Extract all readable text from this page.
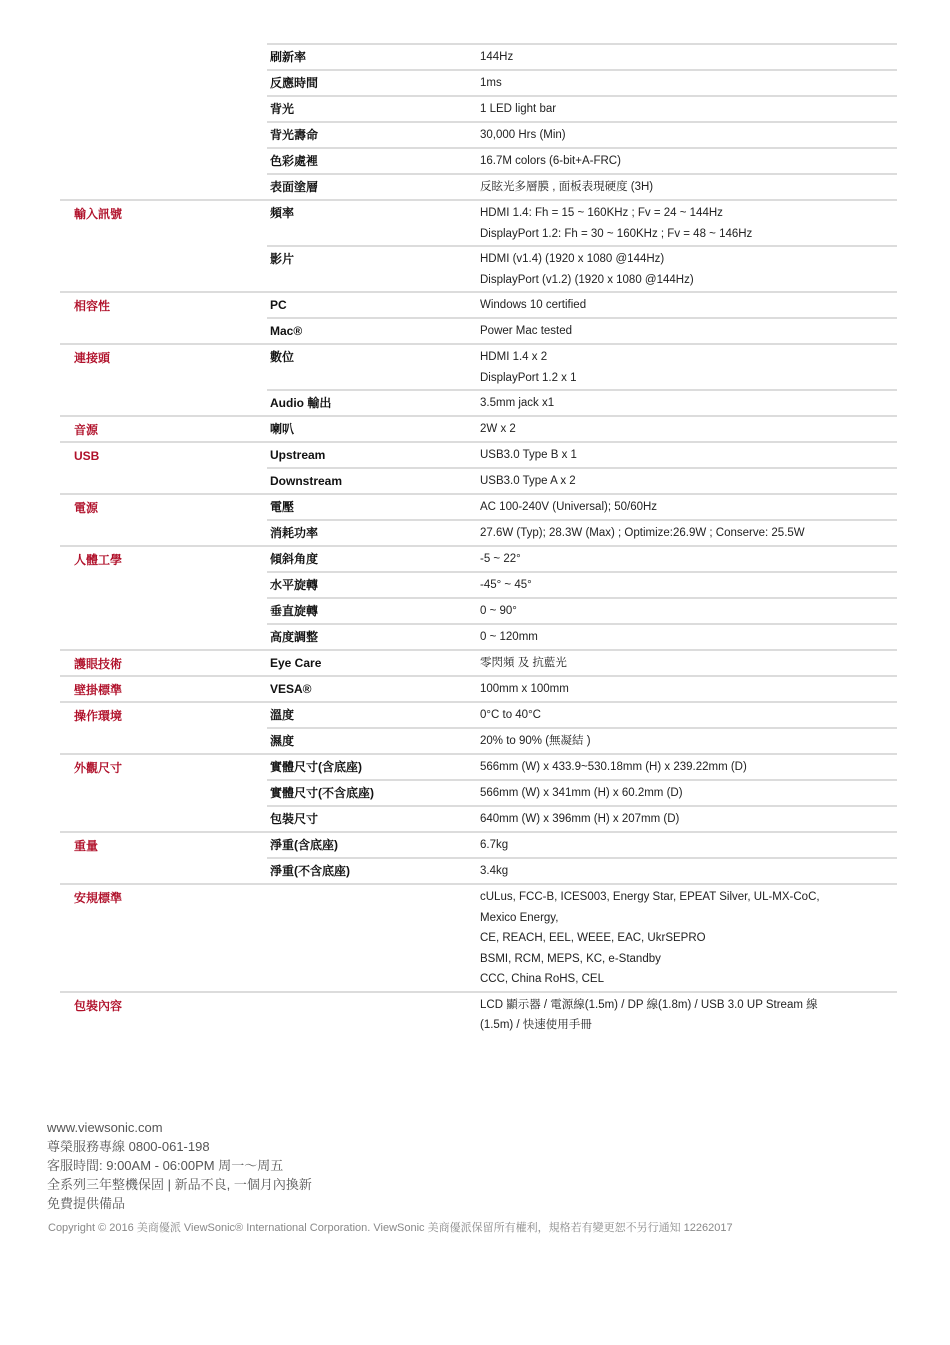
刷新率	144Hz
反應時間	1ms
背光	1 LED light bar
背光壽命	30,000 Hrs (Min)
色彩處裡	16.7M colors (6-bit+A-FRC)
表面塗層	反眩光多層膜 , 面板表現硬度 (3H)
輸入訊號	頻率	HDMI 1.4: Fh = 15 ~ 160KHz ; Fv = 24 ~ 144Hz
DisplayPort 1.2: Fh = 30 ~ 160KHz ; Fv = 48 ~ 146Hz
影片	HDMI (v1.4) (1920 x 1080 @144Hz)
DisplayPort (v1.2) (1920 x 1080 @144Hz)
相容性	PC	Windows 10 certified
Mac®	Power Mac tested
連接頭	數位	HDMI 1.4 x 2
DisplayPort 1.2 x 1
Audio 輸出	3.5mm jack x1
音源	喇叭	2W x 2
USB	Upstream	USB3.0 Type B x 1
Downstream	USB3.0 Type A x 2
電源	電壓	AC 100-240V (Universal); 50/60Hz
消耗功率	27.6W (Typ); 28.3W (Max) ; Optimize:26.9W ; Conserve: 25.5W
人體工學	傾斜角度	-5 ~ 22°
水平旋轉	-45° ~ 45°
垂直旋轉	0 ~ 90°
高度調整	0 ~ 120mm
護眼技術	Eye Care	零閃頻 及 抗藍光
壁掛標準	VESA®	100mm x 100mm
操作環境	溫度	0°C to 40°C
濕度	20% to 90% (無凝結 )
外觀尺寸	實體尺寸(含底座)	566mm (W) x 433.9~530.18mm (H) x 239.22mm (D)
實體尺寸(不含底座)	566mm (W) x 341mm (H) x 60.2mm (D)
包裝尺寸	640mm (W) x 396mm (H) x 207mm (D)
重量	淨重(含底座)	6.7kg
淨重(不含底座)	3.4kg
安規標準	cULus, FCC-B, ICES003, Energy Star, EPEAT Silver, UL-MX-CoC,
Mexico Energy,
CE, REACH, EEL, WEEE, EAC, UkrSEPRO
BSMI, RCM, MEPS, KC, e-Standby
CCC, China RoHS, CEL
包裝內容	LCD 顯示器 / 電源線(1.5m) / DP 線(1.8m) / USB 3.0 UP Stream 線
(1.5m) / 快速使用手冊
www.viewsonic.com
尊榮服務專線 0800-061-198
客服時間: 9:00AM - 06:00PM 周一～周五
全系列三年整機保固 | 新品不良, 一個月內換新
免費提供備品
Copyright © 2016 美商優派 ViewSonic® International Corporation. ViewSonic 美商優派保留所有權利，規格若有變更恕不另行通知 12262017
